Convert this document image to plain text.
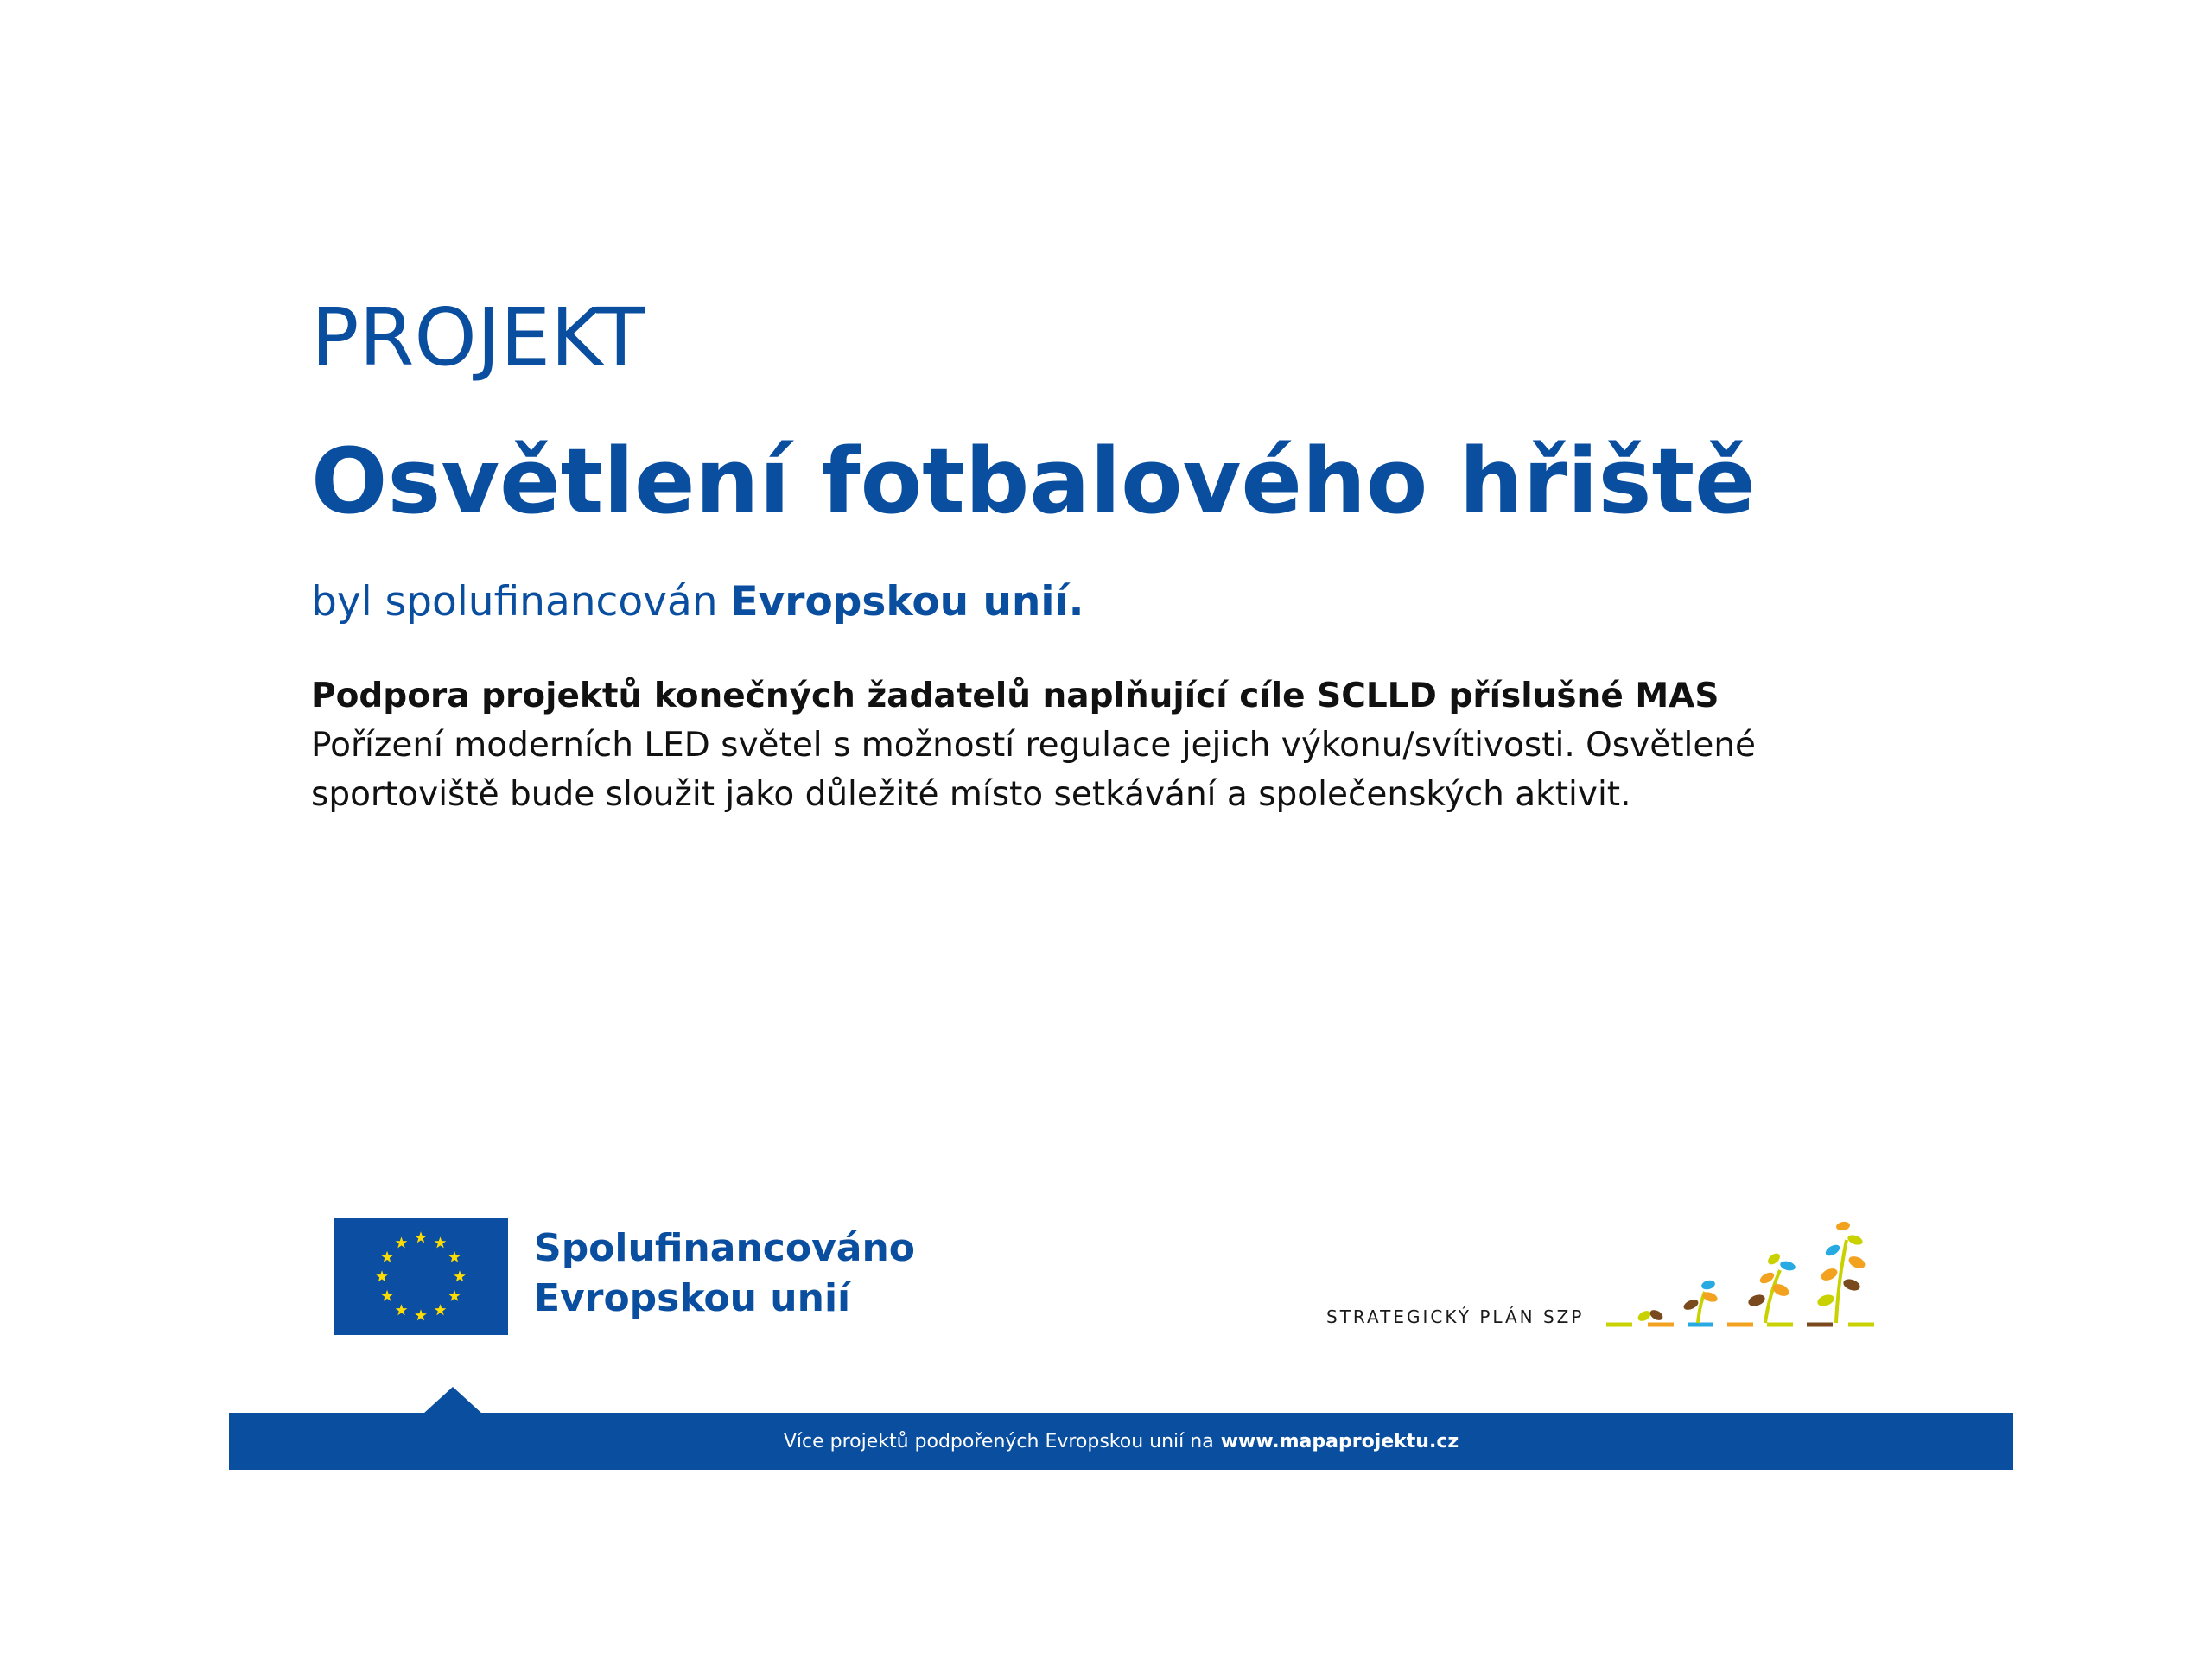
PROJEKT
Osvětlení fotbalového hřiště
byl spolufinancován Evropskou unií.
Podpora projektů konečných žadatelů naplňující cíle SCLLD příslušné MAS
Pořízení moderních LED světel s možností regulace jejich výkonu/svítivosti. Osvětlené sportoviště bude sloužit jako důležité místo setkávání a společenských aktivit.
Spolufinancováno
Evropskou unií	STRATEGICKÝ PLÁN SZP
Více projektů podpořených Evropskou unií na www.mapaprojektu.cz
